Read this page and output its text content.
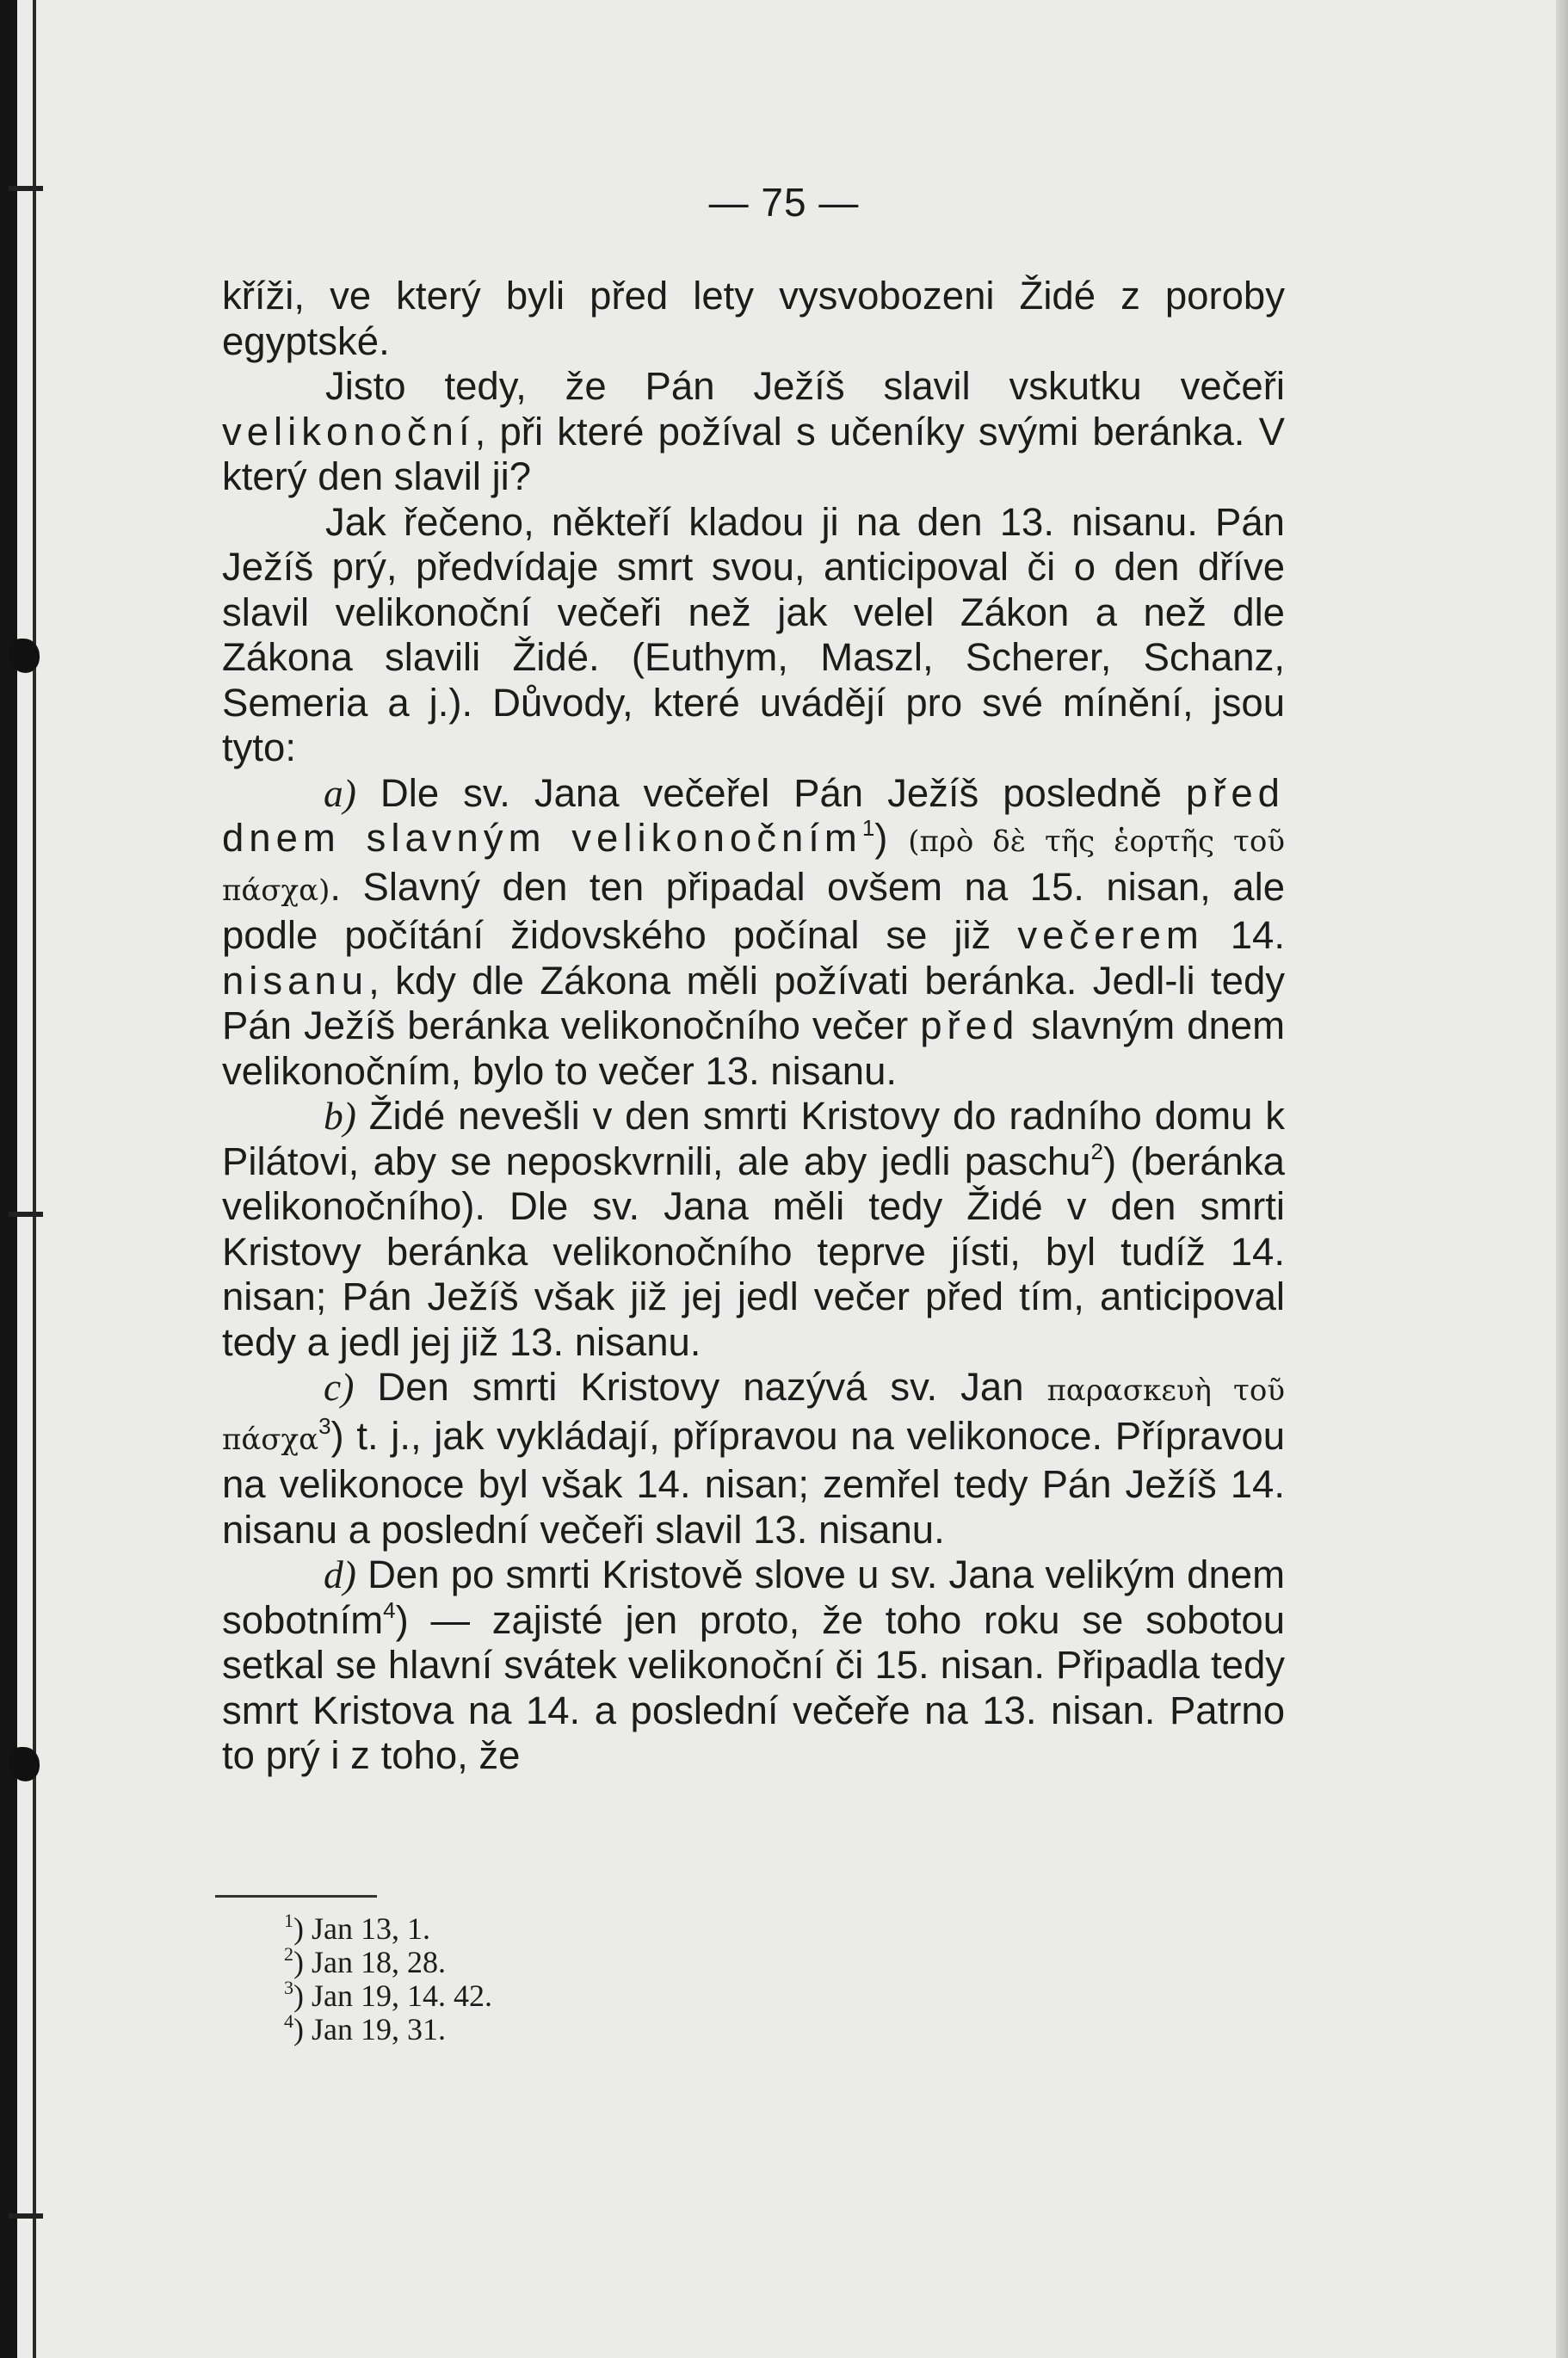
— 75 —

kříži, ve který byli před lety vysvobozeni Židé z poroby egyptské.

Jisto tedy, že Pán Ježíš slavil vskutku večeři velikonoční, při které požíval s učeníky svými beránka. V který den slavil ji?

Jak řečeno, někteří kladou ji na den 13. nisanu. Pán Ježíš prý, předvídaje smrt svou, anticipoval či o den dříve slavil velikonoční večeři než jak velel Zákon a než dle Zákona slavili Židé. (Euthym, Maszl, Scherer, Schanz, Semeria a j.). Důvody, které uvádějí pro své mínění, jsou tyto:

a) Dle sv. Jana večeřel Pán Ježíš posledně před dnem slavným velikonočním$^1$) (πρὸ δὲ τῆς ἑορτῆς τοῦ πάσχα). Slavný den ten připadal ovšem na 15. nisan, ale podle počítání židovského počínal se již večerem 14. nisanu, kdy dle Zákona měli požívati beránka. Jedl-li tedy Pán Ježíš beránka velikonočního večer před slavným dnem velikonočním, bylo to večer 13. nisanu.

b) Židé nevešli v den smrti Kristovy do radního domu k Pilátovi, aby se neposkvrnili, ale aby jedli paschu$^2$) (beránka velikonočního). Dle sv. Jana měli tedy Židé v den smrti Kristovy beránka velikonočního teprve jísti, byl tudíž 14. nisan; Pán Ježíš však již jej jedl večer před tím, anticipoval tedy a jedl jej již 13. nisanu.

c) Den smrti Kristovy nazývá sv. Jan παρασκευὴ τοῦ πάσχα$^3$) t. j., jak vykládají, přípravou na velikonoce. Přípravou na velikonoce byl však 14. nisan; zemřel tedy Pán Ježíš 14. nisanu a poslední večeři slavil 13. nisanu.

d) Den po smrti Kristově slove u sv. Jana velikým dnem sobotním$^4$) — zajisté jen proto, že toho roku se sobotou setkal se hlavní svátek velikonoční či 15. nisan. Připadla tedy smrt Kristova na 14. a poslední večeře na 13. nisan. Patrno to prý i z toho, že

$^1$) Jan 13, 1.
$^2$) Jan 18, 28.
$^3$) Jan 19, 14. 42.
$^4$) Jan 19, 31.
